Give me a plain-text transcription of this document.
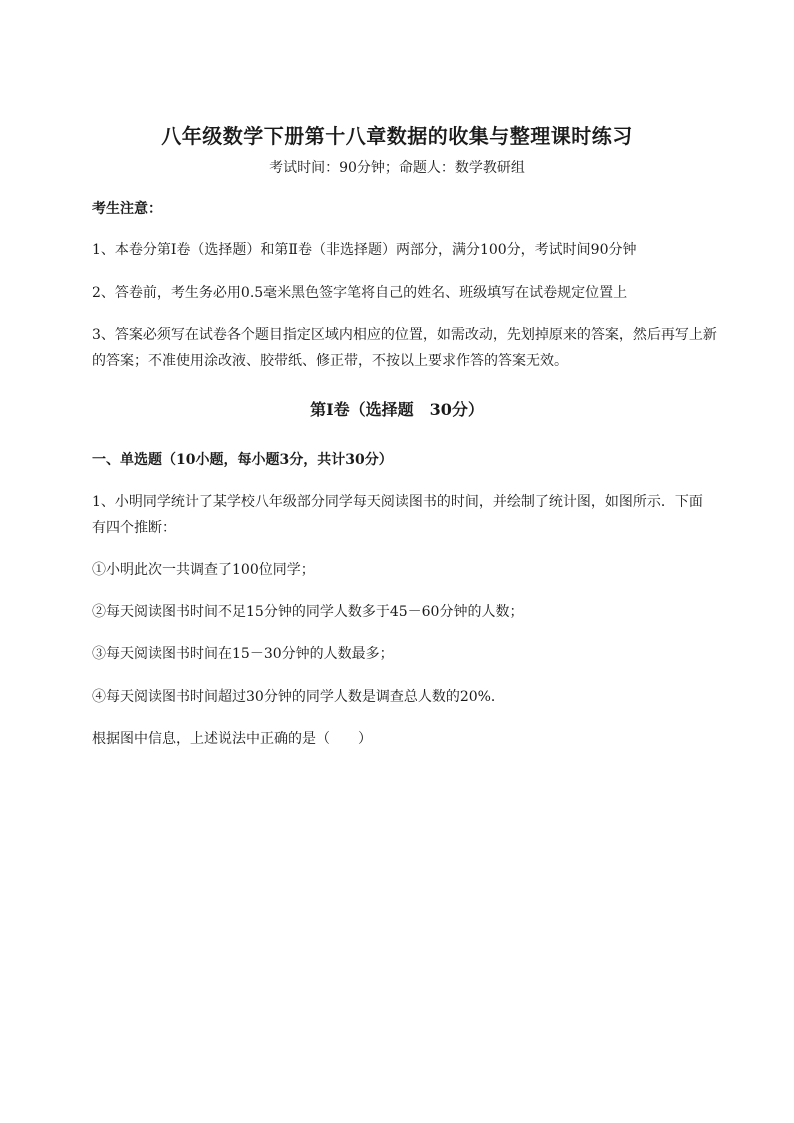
八年级数学下册第十八章数据的收集与整理课时练习
考试时间：90分钟；命题人：数学教研组
考生注意：
1、本卷分第I卷（选择题）和第Ⅱ卷（非选择题）两部分，满分100分，考试时间90分钟
2、答卷前，考生务必用0.5毫米黑色签字笔将自己的姓名、班级填写在试卷规定位置上
3、答案必须写在试卷各个题目指定区域内相应的位置，如需改动，先划掉原来的答案，然后再写上新
的答案；不准使用涂改液、胶带纸、修正带，不按以上要求作答的答案无效。
第I卷（选择题　30分）
一、单选题（10小题，每小题3分，共计30分）
1、小明同学统计了某学校八年级部分同学每天阅读图书的时间，并绘制了统计图，如图所示．下面
有四个推断：
①小明此次一共调查了100位同学；
②每天阅读图书时间不足15分钟的同学人数多于45－60分钟的人数；
③每天阅读图书时间在15－30分钟的人数最多；
④每天阅读图书时间超过30分钟的同学人数是调查总人数的20%．
根据图中信息，上述说法中正确的是（　　）
